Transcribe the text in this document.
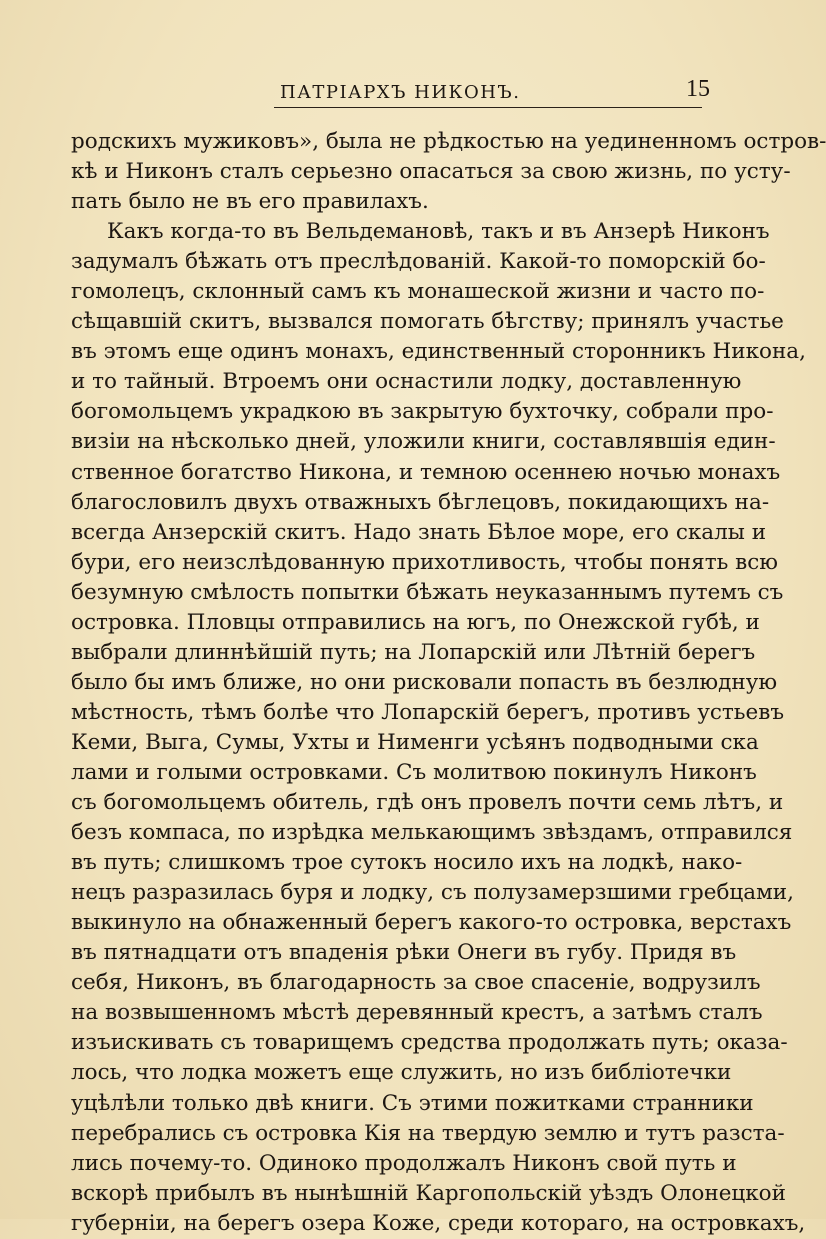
ПАТРІАРХЪ НИКОНЪ.	15
родскихъ мужиковъ», была не рѣдкостью на уединенномъ остров-
кѣ и Никонъ сталъ серьезно опасаться за свою жизнь, по усту-
пать было не въ его правилахъ.
Какъ когда-то въ Вельдемановѣ, такъ и въ Анзерѣ Никонъ
задумалъ бѣжать отъ преслѣдованій. Какой-то поморскій бо-
гомолецъ, склонный самъ къ монашеской жизни и часто по-
сѣщавшій скитъ, вызвался помогать бѣгству; принялъ участье
въ этомъ еще одинъ монахъ, единственный сторонникъ Никона,
и то тайный. Втроемъ они оснастили лодку, доставленную
богомольцемъ украдкою въ закрытую бухточку, собрали про-
визіи на нѣсколько дней, уложили книги, составлявшія един-
ственное богатство Никона, и темною осеннею ночью монахъ
благословилъ двухъ отважныхъ бѣглецовъ, покидающихъ на-
всегда Анзерскій скитъ. Надо знать Бѣлое море, его скалы и
бури, его неизслѣдованную прихотливость, чтобы понять всю
безумную смѣлость попытки бѣжать неуказаннымъ путемъ съ
островка. Пловцы отправились на югъ, по Онежской губѣ, и
выбрали длиннѣйшій путь; на Лопарскій или Лѣтній берегъ
было бы имъ ближе, но они рисковали попасть въ безлюдную
мѣстность, тѣмъ болѣе что Лопарскій берегъ, противъ устьевъ
Кеми, Выга, Сумы, Ухты и Нименги усѣянъ подводными ска
лами и голыми островками. Съ молитвою покинулъ Никонъ
съ богомольцемъ обитель, гдѣ онъ провелъ почти семь лѣтъ, и
безъ компаса, по изрѣдка мелькающимъ звѣздамъ, отправился
въ путь; слишкомъ трое сутокъ носило ихъ на лодкѣ, нако-
нецъ разразилась буря и лодку, съ полузамерзшими гребцами,
выкинуло на обнаженный берегъ какого-то островка, верстахъ
въ пятнадцати отъ впаденія рѣки Онеги въ губу. Придя въ
себя, Никонъ, въ благодарность за свое спасеніе, водрузилъ
на возвышенномъ мѣстѣ деревянный крестъ, а затѣмъ сталъ
изъискивать съ товарищемъ средства продолжать путь; оказа-
лось, что лодка можетъ еще служить, но изъ библіотечки
уцѣлѣли только двѣ книги. Съ этими пожитками странники
перебрались съ островка Кія на твердую землю и тутъ разста-
лись почему-то. Одиноко продолжалъ Никонъ свой путь и
вскорѣ прибылъ въ нынѣшній Каргопольскій уѣздъ Олонецкой
губерніи, на берегъ озера Коже, среди котораго, на островкахъ,
